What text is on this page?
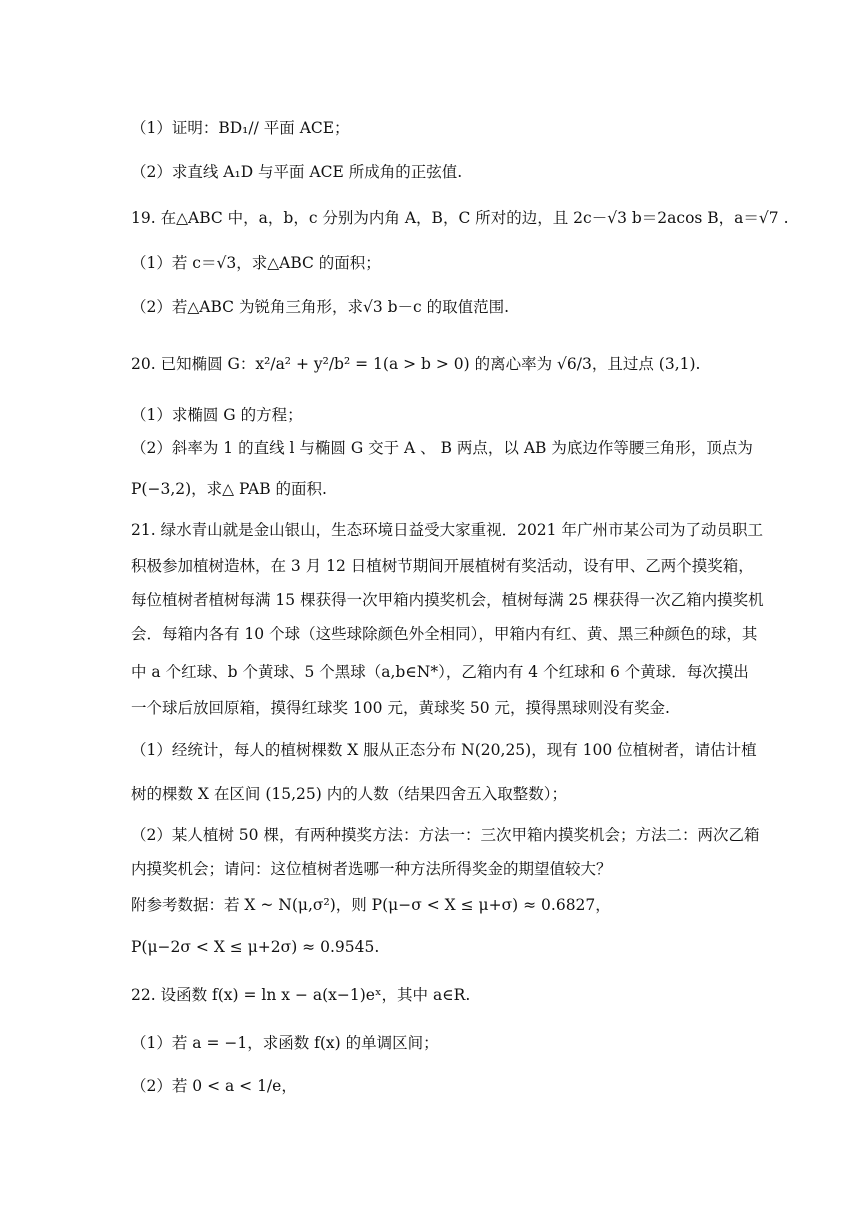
（1）证明：BD₁// 平面 ACE；
（2）求直线 A₁D 与平面 ACE 所成角的正弦值.
19. 在△ABC 中，a，b，c 分别为内角 A，B，C 所对的边，且 2c－√3 b＝2acos B，a＝√7 .
（1）若 c＝√3，求△ABC 的面积；
（2）若△ABC 为锐角三角形，求√3 b－c 的取值范围.
20. 已知椭圆 G：x²/a² + y²/b² = 1(a > b > 0) 的离心率为 √6/3，且过点 (3,1).
（1）求椭圆 G 的方程；
（2）斜率为 1 的直线 l 与椭圆 G 交于 A 、 B 两点，以 AB 为底边作等腰三角形，顶点为
P(−3,2)，求△ PAB 的面积.
21. 绿水青山就是金山银山，生态环境日益受大家重视．2021 年广州市某公司为了动员职工
积极参加植树造林，在 3 月 12 日植树节期间开展植树有奖活动，设有甲、乙两个摸奖箱，
每位植树者植树每满 15 棵获得一次甲箱内摸奖机会，植树每满 25 棵获得一次乙箱内摸奖机
会．每箱内各有 10 个球（这些球除颜色外全相同），甲箱内有红、黄、黑三种颜色的球，其
中 a 个红球、b 个黄球、5 个黑球（a,b∈N*），乙箱内有 4 个红球和 6 个黄球．每次摸出
一个球后放回原箱，摸得红球奖 100 元，黄球奖 50 元，摸得黑球则没有奖金.
（1）经统计，每人的植树棵数 X 服从正态分布 N(20,25)，现有 100 位植树者，请估计植
树的棵数 X 在区间 (15,25) 内的人数（结果四舍五入取整数）；
（2）某人植树 50 棵，有两种摸奖方法：方法一：三次甲箱内摸奖机会；方法二：两次乙箱
内摸奖机会；请问：这位植树者选哪一种方法所得奖金的期望值较大？
附参考数据：若 X ~ N(μ,σ²)，则 P(μ−σ < X ≤ μ+σ) ≈ 0.6827，
P(μ−2σ < X ≤ μ+2σ) ≈ 0.9545.
22. 设函数 f(x) = ln x − a(x−1)eˣ，其中 a∈R.
（1）若 a = −1，求函数 f(x) 的单调区间；
（2）若 0 < a < 1/e，
